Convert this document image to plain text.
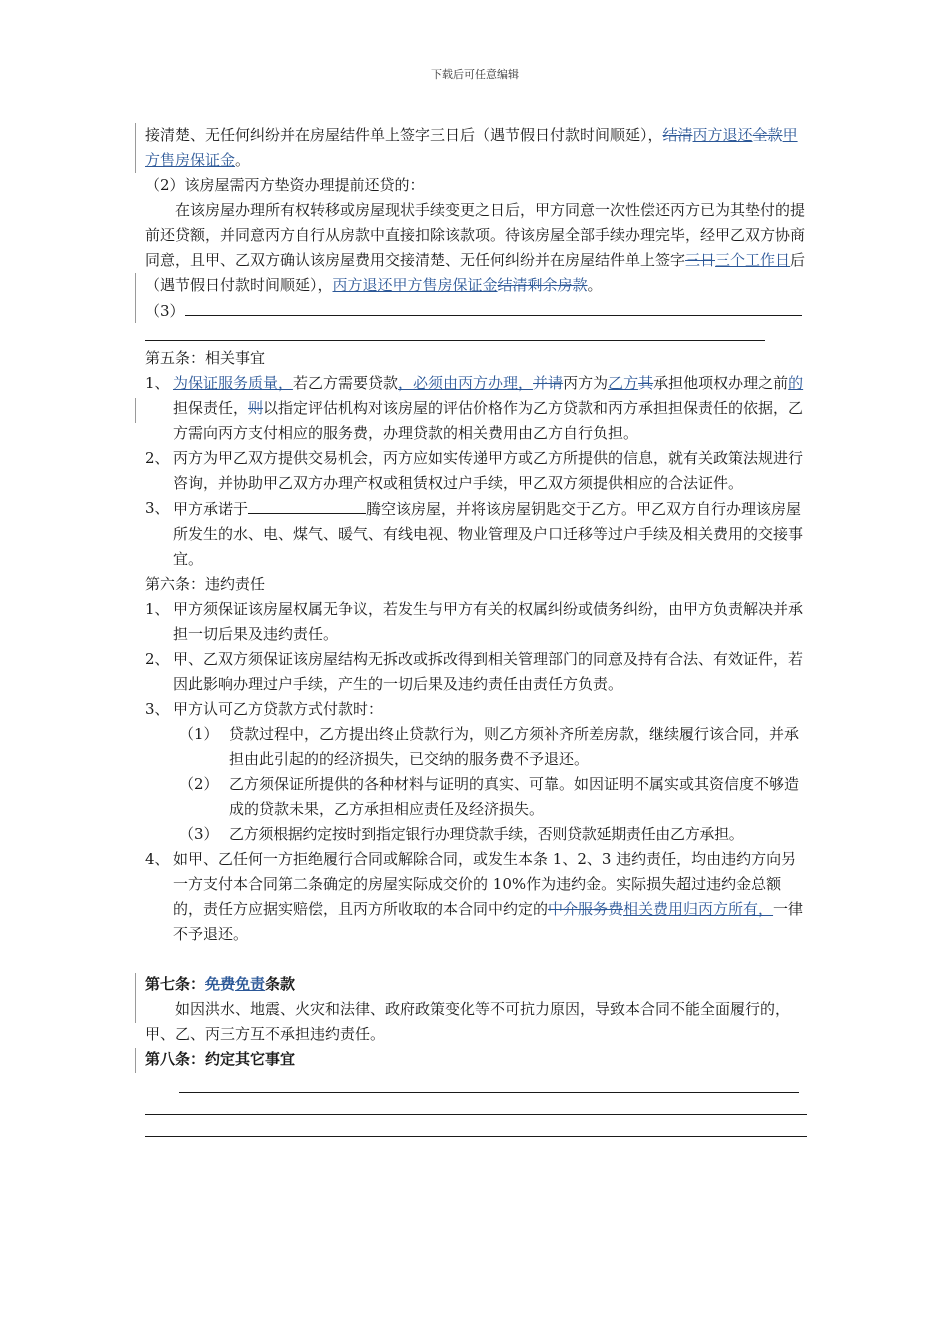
下载后可任意编辑

接清楚、无任何纠纷并在房屋结件单上签字三日后（遇节假日付款时间顺延），结清丙方退还全款甲方售房保证金。

（2）该房屋需丙方垫资办理提前还贷的：

在该房屋办理所有权转移或房屋现状手续变更之日后，甲方同意一次性偿还丙方已为其垫付的提前还贷额，并同意丙方自行从房款中直接扣除该款项。待该房屋全部手续办理完毕，经甲乙双方协商同意，且甲、乙双方确认该房屋费用交接清楚、无任何纠纷并在房屋结件单上签字三日三个工作日后（遇节假日付款时间顺延），丙方退还甲方售房保证金结清剩余房款。

（3）

第五条：相关事宜

1、 为保证服务质量，若乙方需要贷款，必须由丙方办理，并请丙方为乙方其承担他项权办理之前的担保责任，则以指定评估机构对该房屋的评估价格作为乙方贷款和丙方承担担保责任的依据，乙方需向丙方支付相应的服务费，办理贷款的相关费用由乙方自行负担。
2、 丙方为甲乙双方提供交易机会，丙方应如实传递甲方或乙方所提供的信息，就有关政策法规进行咨询，并协助甲乙双方办理产权或租赁权过户手续，甲乙双方须提供相应的合法证件。
3、 甲方承诺于	腾空该房屋，并将该房屋钥匙交于乙方。甲乙双方自行办理该房屋所发生的水、电、煤气、暖气、有线电视、物业管理及户口迁移等过户手续及相关费用的交接事宜。

第六条：违约责任

1、 甲方须保证该房屋权属无争议，若发生与甲方有关的权属纠纷或债务纠纷，由甲方负责解决并承担一切后果及违约责任。
2、 甲、乙双方须保证该房屋结构无拆改或拆改得到相关管理部门的同意及持有合法、有效证件，若因此影响办理过户手续，产生的一切后果及违约责任由责任方负责。
3、 甲方认可乙方贷款方式付款时：
（1） 贷款过程中，乙方提出终止贷款行为，则乙方须补齐所差房款，继续履行该合同，并承担由此引起的的经济损失，已交纳的服务费不予退还。
（2） 乙方须保证所提供的各种材料与证明的真实、可靠。如因证明不属实或其资信度不够造成的贷款未果，乙方承担相应责任及经济损失。
（3） 乙方须根据约定按时到指定银行办理贷款手续，否则贷款延期责任由乙方承担。
4、 如甲、乙任何一方拒绝履行合同或解除合同，或发生本条 1、2、3 违约责任，均由违约方向另一方支付本合同第二条确定的房屋实际成交价的 10%作为违约金。实际损失超过违约金总额的，责任方应据实赔偿，且丙方所收取的本合同中约定的中介服务费相关费用归丙方所有，一律不予退还。

第七条：免费免责条款

如因洪水、地震、火灾和法律、政府政策变化等不可抗力原因，导致本合同不能全面履行的，甲、乙、丙三方互不承担违约责任。

第八条：约定其它事宜
